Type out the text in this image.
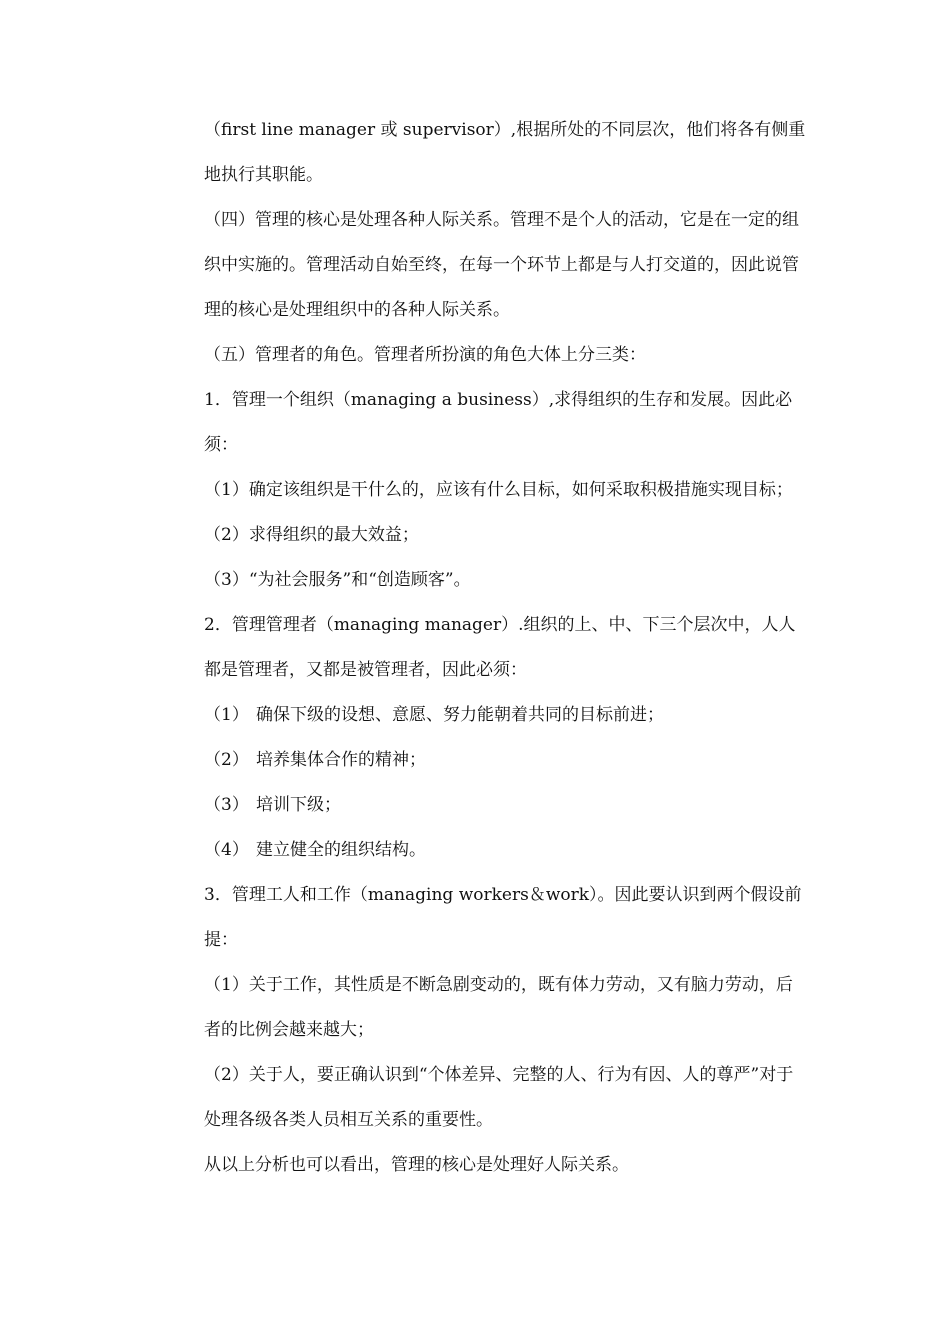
（first line manager 或 supervisor）,根据所处的不同层次，他们将各有侧重地执行其职能。

（四）管理的核心是处理各种人际关系。管理不是个人的活动，它是在一定的组织中实施的。管理活动自始至终，在每一个环节上都是与人打交道的，因此说管理的核心是处理组织中的各种人际关系。

（五）管理者的角色。管理者所扮演的角色大体上分三类：

1．管理一个组织（managing a business）,求得组织的生存和发展。因此必须：

（1）确定该组织是干什么的，应该有什么目标，如何采取积极措施实现目标；

（2）求得组织的最大效益；

（3）“为社会服务”和“创造顾客”。

2．管理管理者（managing manager）.组织的上、中、下三个层次中，人人都是管理者，又都是被管理者，因此必须：

（1） 确保下级的设想、意愿、努力能朝着共同的目标前进；

（2） 培养集体合作的精神；

（3） 培训下级；

（4） 建立健全的组织结构。

3．管理工人和工作（managing workers＆work）。因此要认识到两个假设前提：

（1）关于工作，其性质是不断急剧变动的，既有体力劳动，又有脑力劳动，后者的比例会越来越大；

（2）关于人，要正确认识到“个体差异、完整的人、行为有因、人的尊严”对于处理各级各类人员相互关系的重要性。

从以上分析也可以看出，管理的核心是处理好人际关系。
